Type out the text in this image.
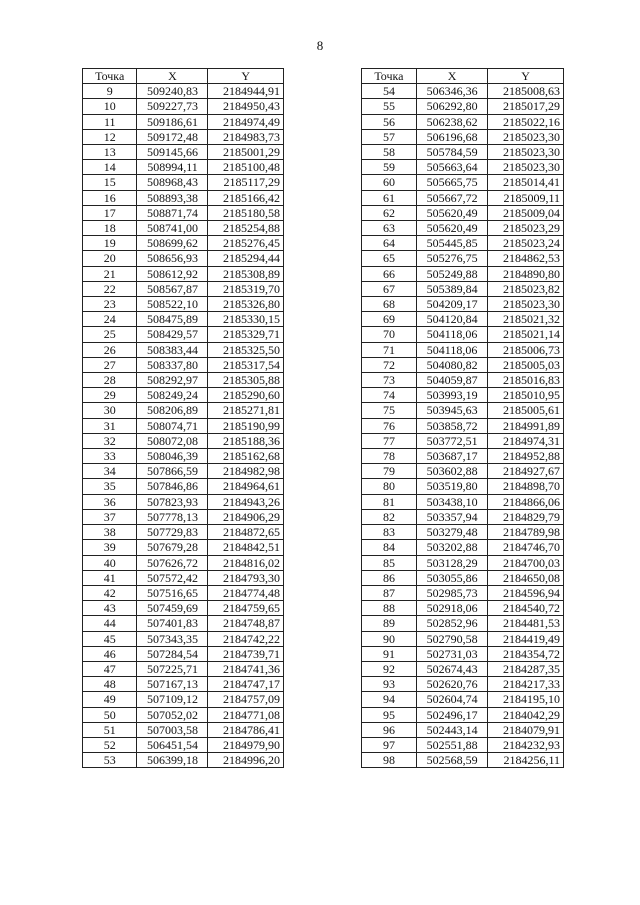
8
Точка	X	Y
9	509240,83	2184944,91
10	509227,73	2184950,43
11	509186,61	2184974,49
12	509172,48	2184983,73
13	509145,66	2185001,29
14	508994,11	2185100,48
15	508968,43	2185117,29
16	508893,38	2185166,42
17	508871,74	2185180,58
18	508741,00	2185254,88
19	508699,62	2185276,45
20	508656,93	2185294,44
21	508612,92	2185308,89
22	508567,87	2185319,70
23	508522,10	2185326,80
24	508475,89	2185330,15
25	508429,57	2185329,71
26	508383,44	2185325,50
27	508337,80	2185317,54
28	508292,97	2185305,88
29	508249,24	2185290,60
30	508206,89	2185271,81
31	508074,71	2185190,99
32	508072,08	2185188,36
33	508046,39	2185162,68
34	507866,59	2184982,98
35	507846,86	2184964,61
36	507823,93	2184943,26
37	507778,13	2184906,29
38	507729,83	2184872,65
39	507679,28	2184842,51
40	507626,72	2184816,02
41	507572,42	2184793,30
42	507516,65	2184774,48
43	507459,69	2184759,65
44	507401,83	2184748,87
45	507343,35	2184742,22
46	507284,54	2184739,71
47	507225,71	2184741,36
48	507167,13	2184747,17
49	507109,12	2184757,09
50	507052,02	2184771,08
51	507003,58	2184786,41
52	506451,54	2184979,90
53	506399,18	2184996,20
Точка	X	Y
54	506346,36	2185008,63
55	506292,80	2185017,29
56	506238,62	2185022,16
57	506196,68	2185023,30
58	505784,59	2185023,30
59	505663,64	2185023,30
60	505665,75	2185014,41
61	505667,72	2185009,11
62	505620,49	2185009,04
63	505620,49	2185023,29
64	505445,85	2185023,24
65	505276,75	2184862,53
66	505249,88	2184890,80
67	505389,84	2185023,82
68	504209,17	2185023,30
69	504120,84	2185021,32
70	504118,06	2185021,14
71	504118,06	2185006,73
72	504080,82	2185005,03
73	504059,87	2185016,83
74	503993,19	2185010,95
75	503945,63	2185005,61
76	503858,72	2184991,89
77	503772,51	2184974,31
78	503687,17	2184952,88
79	503602,88	2184927,67
80	503519,80	2184898,70
81	503438,10	2184866,06
82	503357,94	2184829,79
83	503279,48	2184789,98
84	503202,88	2184746,70
85	503128,29	2184700,03
86	503055,86	2184650,08
87	502985,73	2184596,94
88	502918,06	2184540,72
89	502852,96	2184481,53
90	502790,58	2184419,49
91	502731,03	2184354,72
92	502674,43	2184287,35
93	502620,76	2184217,33
94	502604,74	2184195,10
95	502496,17	2184042,29
96	502443,14	2184079,91
97	502551,88	2184232,93
98	502568,59	2184256,11
